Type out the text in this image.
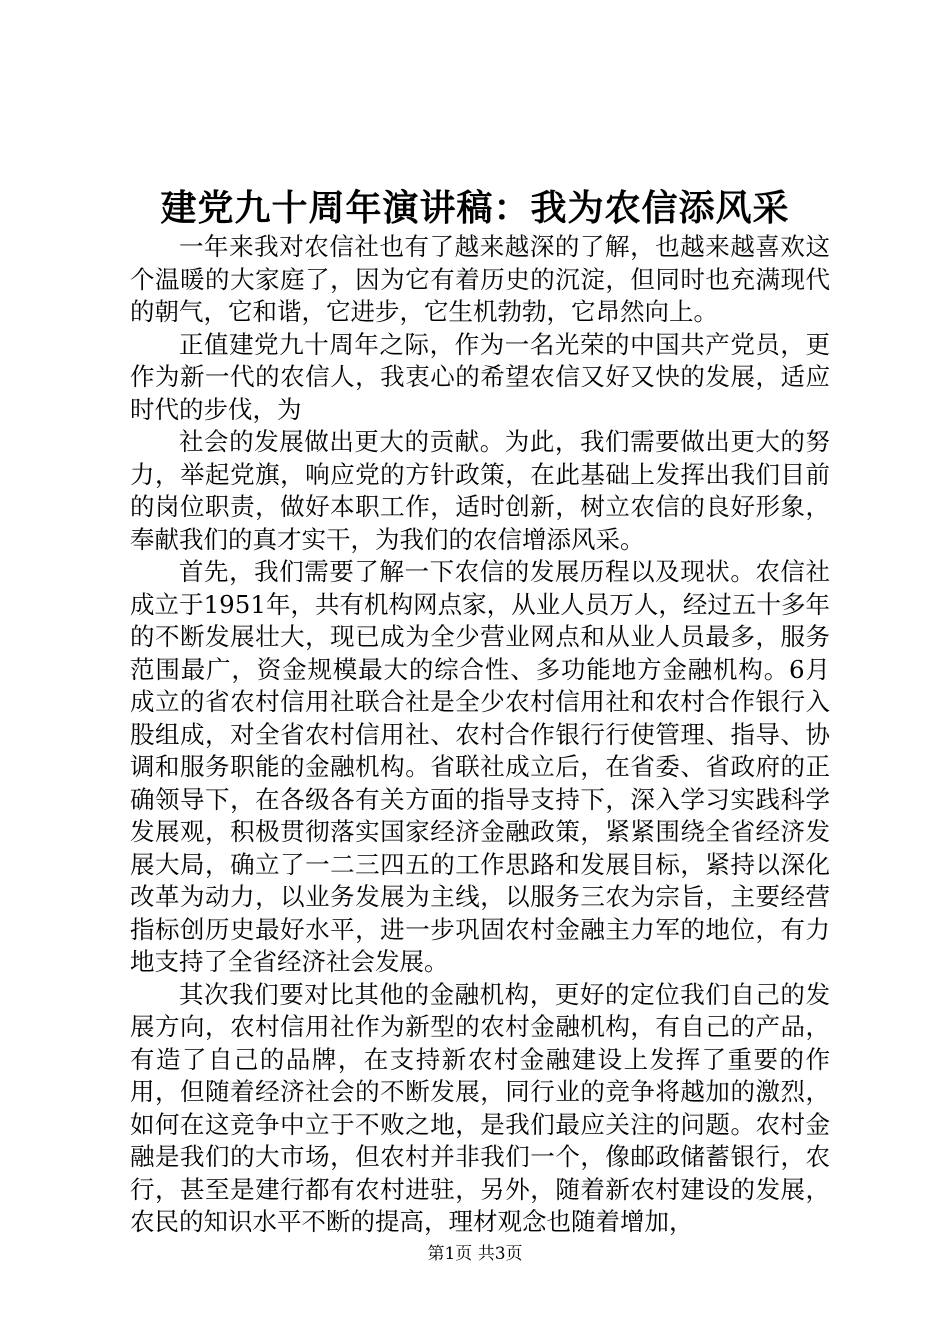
建党九十周年演讲稿：我为农信添风采

一年来我对农信社也有了越来越深的了解，也越来越喜欢这个温暖的大家庭了，因为它有着历史的沉淀，但同时也充满现代的朝气，它和谐，它进步，它生机勃勃，它昂然向上。

正值建党九十周年之际，作为一名光荣的中国共产党员，更作为新一代的农信人，我衷心的希望农信又好又快的发展，适应时代的步伐，为

社会的发展做出更大的贡献。为此，我们需要做出更大的努力，举起党旗，响应党的方针政策，在此基础上发挥出我们目前的岗位职责，做好本职工作，适时创新，树立农信的良好形象，奉献我们的真才实干，为我们的农信增添风采。

首先，我们需要了解一下农信的发展历程以及现状。农信社成立于1951年，共有机构网点家，从业人员万人，经过五十多年的不断发展壮大，现已成为全少营业网点和从业人员最多，服务范围最广，资金规模最大的综合性、多功能地方金融机构。6月成立的省农村信用社联合社是全少农村信用社和农村合作银行入股组成，对全省农村信用社、农村合作银行行使管理、指导、协调和服务职能的金融机构。省联社成立后，在省委、省政府的正确领导下，在各级各有关方面的指导支持下，深入学习实践科学发展观，积极贯彻落实国家经济金融政策，紧紧围绕全省经济发展大局，确立了一二三四五的工作思路和发展目标，紧持以深化改革为动力，以业务发展为主线，以服务三农为宗旨，主要经营指标创历史最好水平，进一步巩固农村金融主力军的地位，有力地支持了全省经济社会发展。

其次我们要对比其他的金融机构，更好的定位我们自己的发展方向，农村信用社作为新型的农村金融机构，有自己的产品，有造了自己的品牌，在支持新农村金融建设上发挥了重要的作用，但随着经济社会的不断发展，同行业的竞争将越加的激烈，如何在这竞争中立于不败之地，是我们最应关注的问题。农村金融是我们的大市场，但农村并非我们一个，像邮政储蓄银行，农行，甚至是建行都有农村进驻，另外，随着新农村建设的发展，农民的知识水平不断的提高，理材观念也随着增加，

第1页 共3页
